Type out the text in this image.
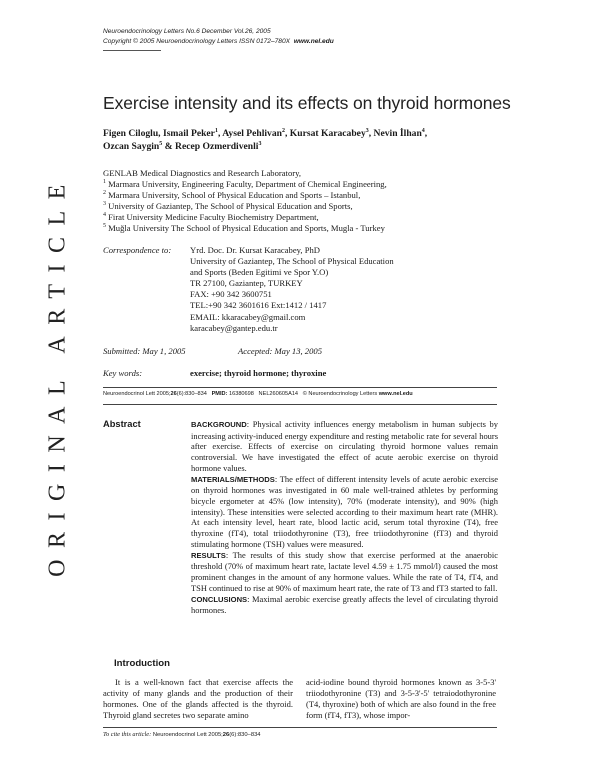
Neuroendocrinology Letters No.6 December Vol.26, 2005
Copyright © 2005 Neuroendocrinology Letters ISSN 0172–780X www.nel.edu
ORIGINAL ARTICLE
Exercise intensity and its effects on thyroid hormones
Figen Ciloglu, Ismail Peker$^1$, Aysel Pehlivan$^2$, Kursat Karacabey$^3$, Nevin İlhan$^4$,
Ozcan Saygin$^5$ & Recep Ozmerdivenli$^3$
GENLAB Medical Diagnostics and Research Laboratory,
$^1$ Marmara University, Engineering Faculty, Department of Chemical Engineering,
$^2$ Marmara University, School of Physical Education and Sports – Istanbul,
$^3$ University of Gaziantep, The School of Physical Education and Sports,
$^4$ Firat University Medicine Faculty Biochemistry Department,
$^5$ Muğla University The School of Physical Education and Sports, Mugla - Turkey
Correspondence to: Yrd. Doc. Dr. Kursat Karacabey, PhD
University of Gaziantep, The School of Physical Education
and Sports (Beden Egitimi ve Spor Y.O)
TR 27100, Gaziantep, TURKEY
FAX: +90 342 3600751
TEL:+90 342 3601616 Ext:1412 / 1417
EMAIL: kkaracabey@gmail.com
karacabey@gantep.edu.tr
Submitted: May 1, 2005	Accepted: May 13, 2005
Key words:	exercise; thyroid hormone; thyroxine
Neuroendocrinol Lett 2005;26(6):830–834 PMID: 16380698 NEL260605A14 © Neuroendocrinology Letters www.nel.edu
Abstract	BACKGROUND: Physical activity influences energy metabolism in human subjects by increasing activity-induced energy expenditure and resting metabolic rate for several hours after exercise. Effects of exercise on circulating thyroid hormone values remain controversial. We have investigated the effect of acute aerobic exercise on thyroid hormone values.

MATERIALS/METHODS: The effect of different intensity levels of acute aerobic exercise on thyroid hormones was investigated in 60 male well-trained athletes by performing bicycle ergometer at 45% (low intensity), 70% (moderate intensity), and 90% (high intensity). These intensities were selected according to their maximum heart rate (MHR). At each intensity level, heart rate, blood lactic acid, serum total thyroxine (T4), free thyroxine (fT4), total triiodothyronine (T3), free triiodothyronine (fT3) and thyroid stimulating hormone (TSH) values were measured.

RESULTS: The results of this study show that exercise performed at the anaerobic threshold (70% of maximum heart rate, lactate level 4.59 ± 1.75 mmol/l) caused the most prominent changes in the amount of any hormone values. While the rate of T4, fT4, and TSH continued to rise at 90% of maximum heart rate, the rate of T3 and fT3 started to fall.

CONCLUSIONS: Maximal aerobic exercise greatly affects the level of circulating thyroid hormones.

Introduction
It is a well-known fact that exercise affects the activity of many glands and the production of their hormones. One of the glands affected is the thyroid. Thyroid gland secretes two separate amino
acid-iodine bound thyroid hormones known as 3-5-3' triiodothyronine (T3) and 3-5-3'-5' tetraiodothyronine (T4, thyroxine) both of which are also found in the free form (fT4, fT3), whose impor-
To cite this article: Neuroendocrinol Lett 2005;26(6):830–834
